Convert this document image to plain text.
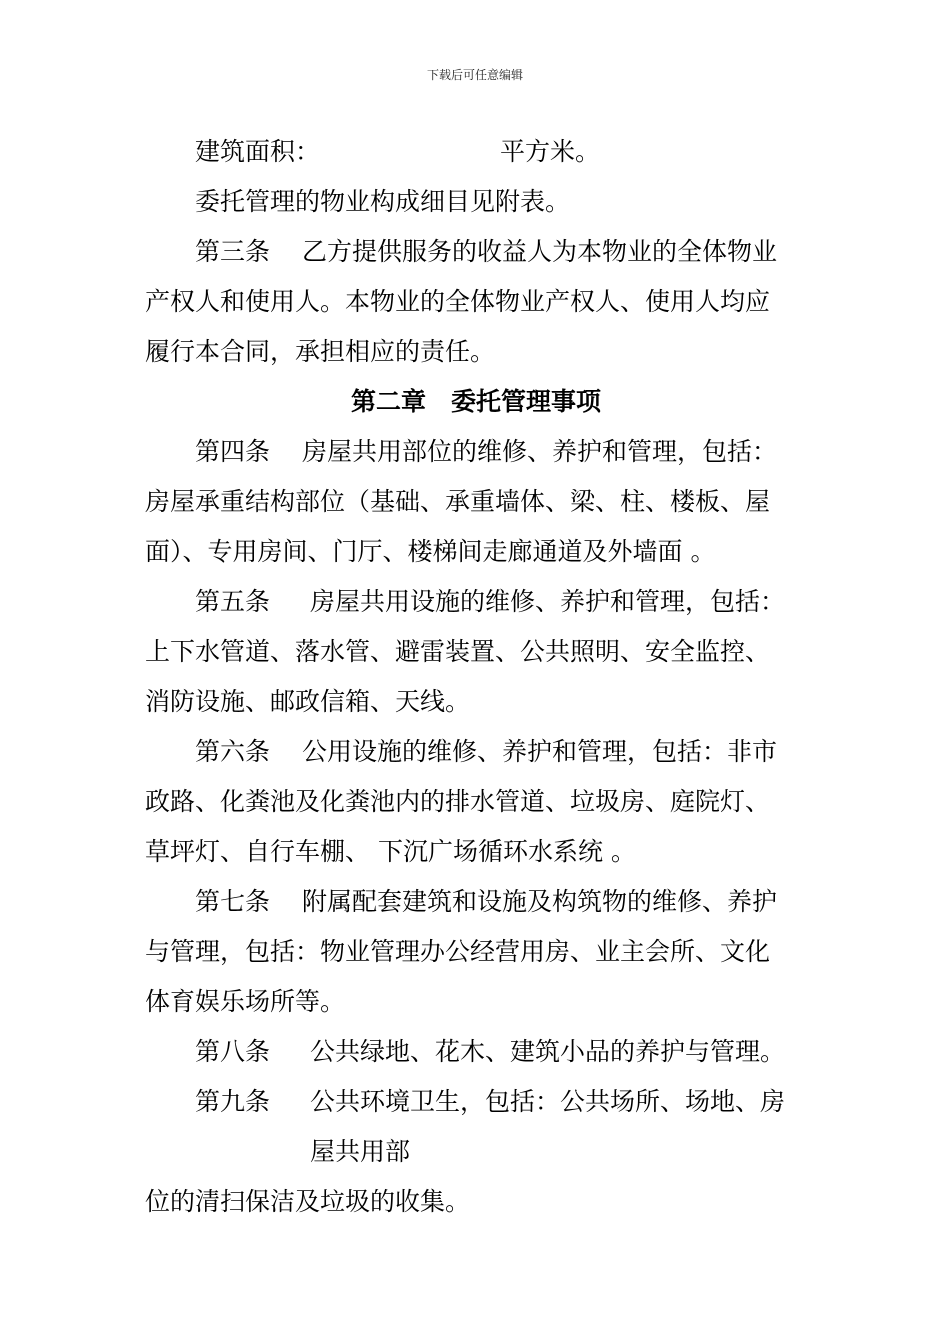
下载后可任意编辑
建筑面积：	平方米。
委托管理的物业构成细目见附表。
第三条 乙方提供服务的收益人为本物业的全体物业
产权人和使用人。本物业的全体物业产权人、使用人均应
履行本合同，承担相应的责任。
第二章　委托管理事项
第四条 房屋共用部位的维修、养护和管理，包括：
房屋承重结构部位（基础、承重墙体、梁、柱、楼板、屋
面）、专用房间、门厅、楼梯间走廊通道及外墙面 。
第五条 房屋共用设施的维修、养护和管理，包括：
上下水管道、落水管、避雷装置、公共照明、安全监控、
消防设施、邮政信箱、天线。
第六条 公用设施的维修、养护和管理，包括：非市
政路、化粪池及化粪池内的排水管道、垃圾房、庭院灯、
草坪灯、自行车棚、 下沉广场循环水系统 。
第七条 附属配套建筑和设施及构筑物的维修、养护
与管理，包括：物业管理办公经营用房、业主会所、文化
体育娱乐场所等。
第八条 公共绿地、花木、建筑小品的养护与管理。
第九条 公共环境卫生，包括：公共场所、场地、房
屋共用部
位的清扫保洁及垃圾的收集。
